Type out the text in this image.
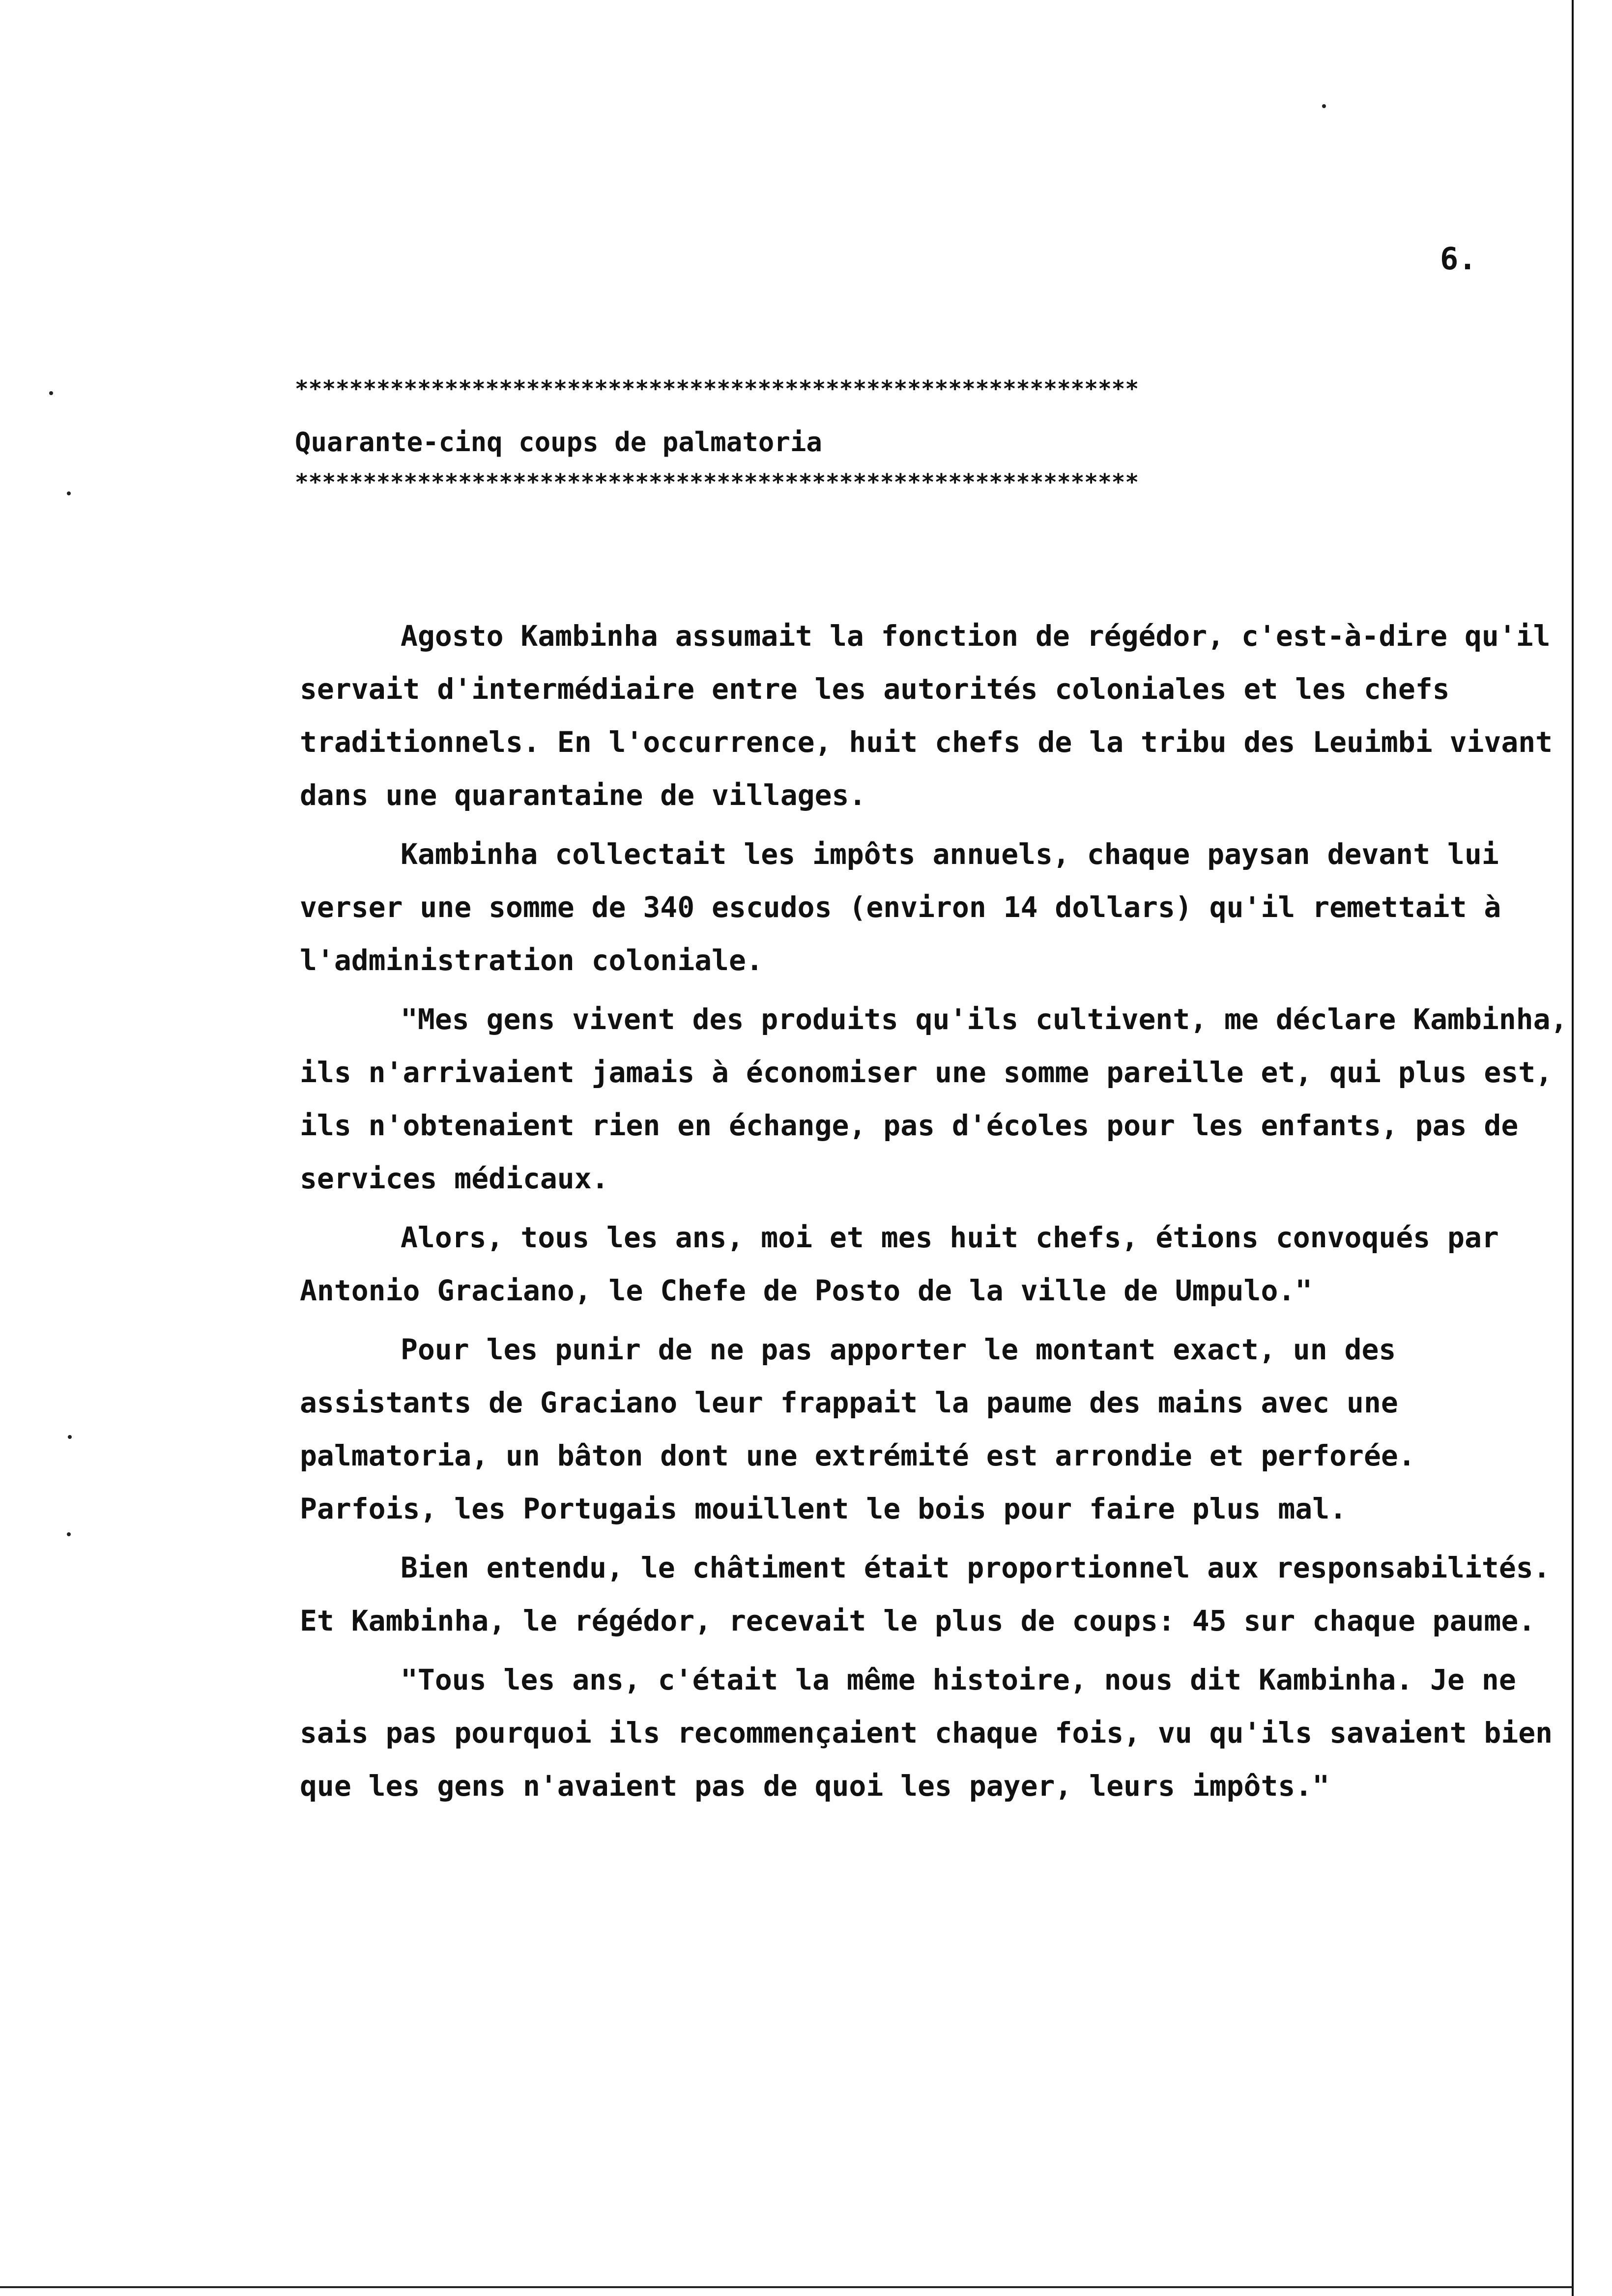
6.
**************************************************************
Quarante-cinq coups de palmatoria
**************************************************************

Agosto Kambinha assumait la fonction de régédor, c'est-à-dire qu'il servait d'intermédiaire entre les autorités coloniales et les chefs traditionnels. En l'occurrence, huit chefs de la tribu des Leuimbi vivant dans une quarantaine de villages.

Kambinha collectait les impôts annuels, chaque paysan devant lui verser une somme de 340 escudos (environ 14 dollars) qu'il remettait à l'administration coloniale.

"Mes gens vivent des produits qu'ils cultivent, me déclare Kambinha, ils n'arrivaient jamais à économiser une somme pareille et, qui plus est, ils n'obtenaient rien en échange, pas d'écoles pour les enfants, pas de services médicaux.

Alors, tous les ans, moi et mes huit chefs, étions convoqués par Antonio Graciano, le Chefe de Posto de la ville de Umpulo."

Pour les punir de ne pas apporter le montant exact, un des assistants de Graciano leur frappait la paume des mains avec une palmatoria, un bâton dont une extrémité est arrondie et perforée. Parfois, les Portugais mouillent le bois pour faire plus mal.

Bien entendu, le châtiment était proportionnel aux responsabilités. Et Kambinha, le régédor, recevait le plus de coups: 45 sur chaque paume.

"Tous les ans, c'était la même histoire, nous dit Kambinha. Je ne sais pas pourquoi ils recommençaient chaque fois, vu qu'ils savaient bien que les gens n'avaient pas de quoi les payer, leurs impôts."
